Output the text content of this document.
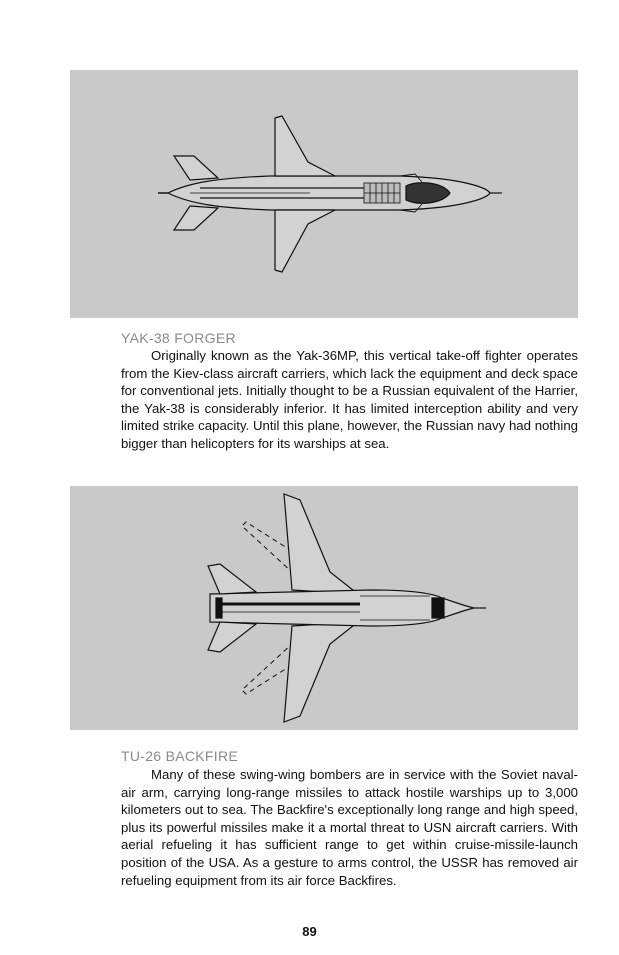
YAK-38 FORGER

Originally known as the Yak-36MP, this vertical take-off fighter operates from the Kiev-class aircraft carriers, which lack the equipment and deck space for conventional jets. Initially thought to be a Russian equivalent of the Harrier, the Yak-38 is considerably inferior. It has limited interception ability and very limited strike capacity. Until this plane, however, the Russian navy had nothing bigger than helicopters for its warships at sea.

TU-26 BACKFIRE

Many of these swing-wing bombers are in service with the Soviet naval-air arm, carrying long-range missiles to attack hostile warships up to 3,000 kilometers out to sea. The Backfire's exceptionally long range and high speed, plus its powerful missiles make it a mortal threat to USN aircraft carriers. With aerial refueling it has sufficient range to get within cruise-missile-launch position of the USA. As a gesture to arms control, the USSR has removed air refueling equipment from its air force Backfires.

89
